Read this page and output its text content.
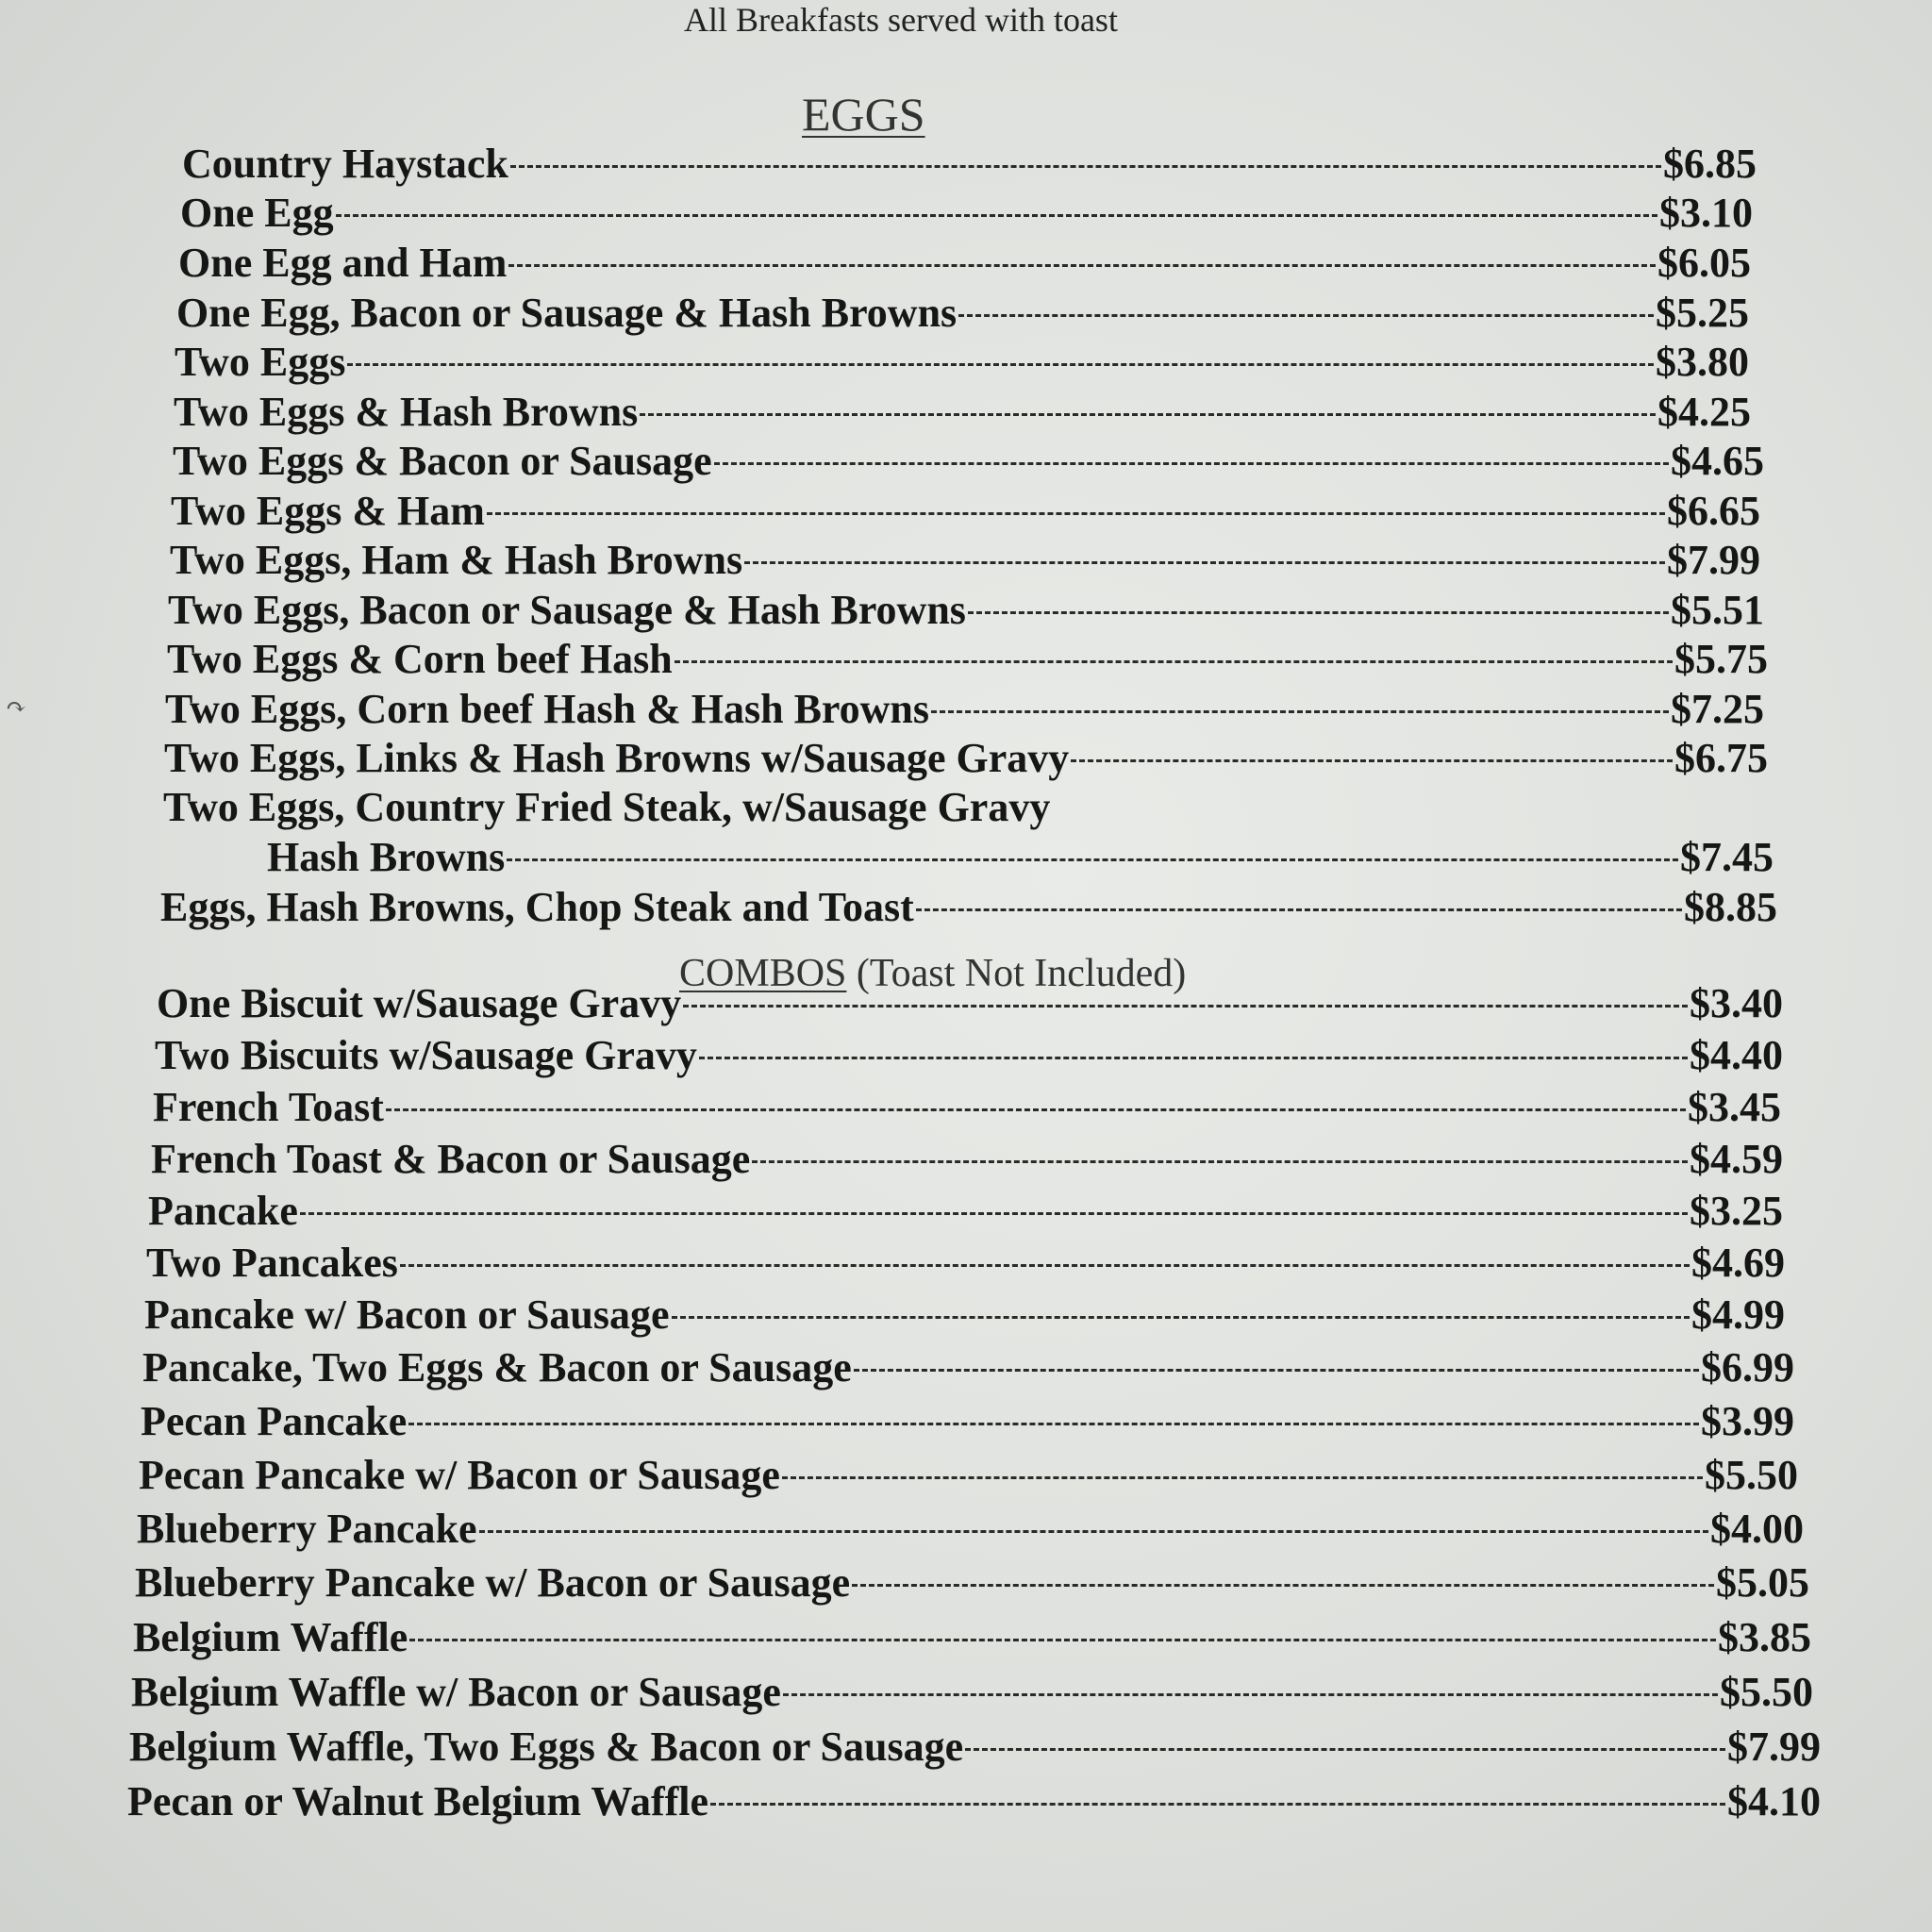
All Breakfasts served with toast
EGGS
Country Haystack	$6.85
One Egg	$3.10
One Egg and Ham	$6.05
One Egg, Bacon or Sausage & Hash Browns	$5.25
Two Eggs	$3.80
Two Eggs & Hash Browns	$4.25
Two Eggs & Bacon or Sausage	$4.65
Two Eggs & Ham	$6.65
Two Eggs, Ham & Hash Browns	$7.99
Two Eggs, Bacon or Sausage & Hash Browns	$5.51
Two Eggs & Corn beef Hash	$5.75
Two Eggs, Corn beef Hash & Hash Browns	$7.25
Two Eggs, Links & Hash Browns w/Sausage Gravy	$6.75
Two Eggs, Country Fried Steak, w/Sausage Gravy
Hash Browns	$7.45
Eggs, Hash Browns, Chop Steak and Toast	$8.85
One Biscuit w/Sausage Gravy	$3.40
Two Biscuits w/Sausage Gravy	$4.40
French Toast	$3.45
French Toast & Bacon or Sausage	$4.59
Pancake	$3.25
Two Pancakes	$4.69
Pancake w/ Bacon or Sausage	$4.99
Pancake, Two Eggs & Bacon or Sausage	$6.99
Pecan Pancake	$3.99
Pecan Pancake w/ Bacon or Sausage	$5.50
Blueberry Pancake	$4.00
Blueberry Pancake w/ Bacon or Sausage	$5.05
Belgium Waffle	$3.85
Belgium Waffle w/ Bacon or Sausage	$5.50
Belgium Waffle, Two Eggs & Bacon or Sausage	$7.99
Pecan or Walnut Belgium Waffle	$4.10
COMBOS (Toast Not Included)
↷
